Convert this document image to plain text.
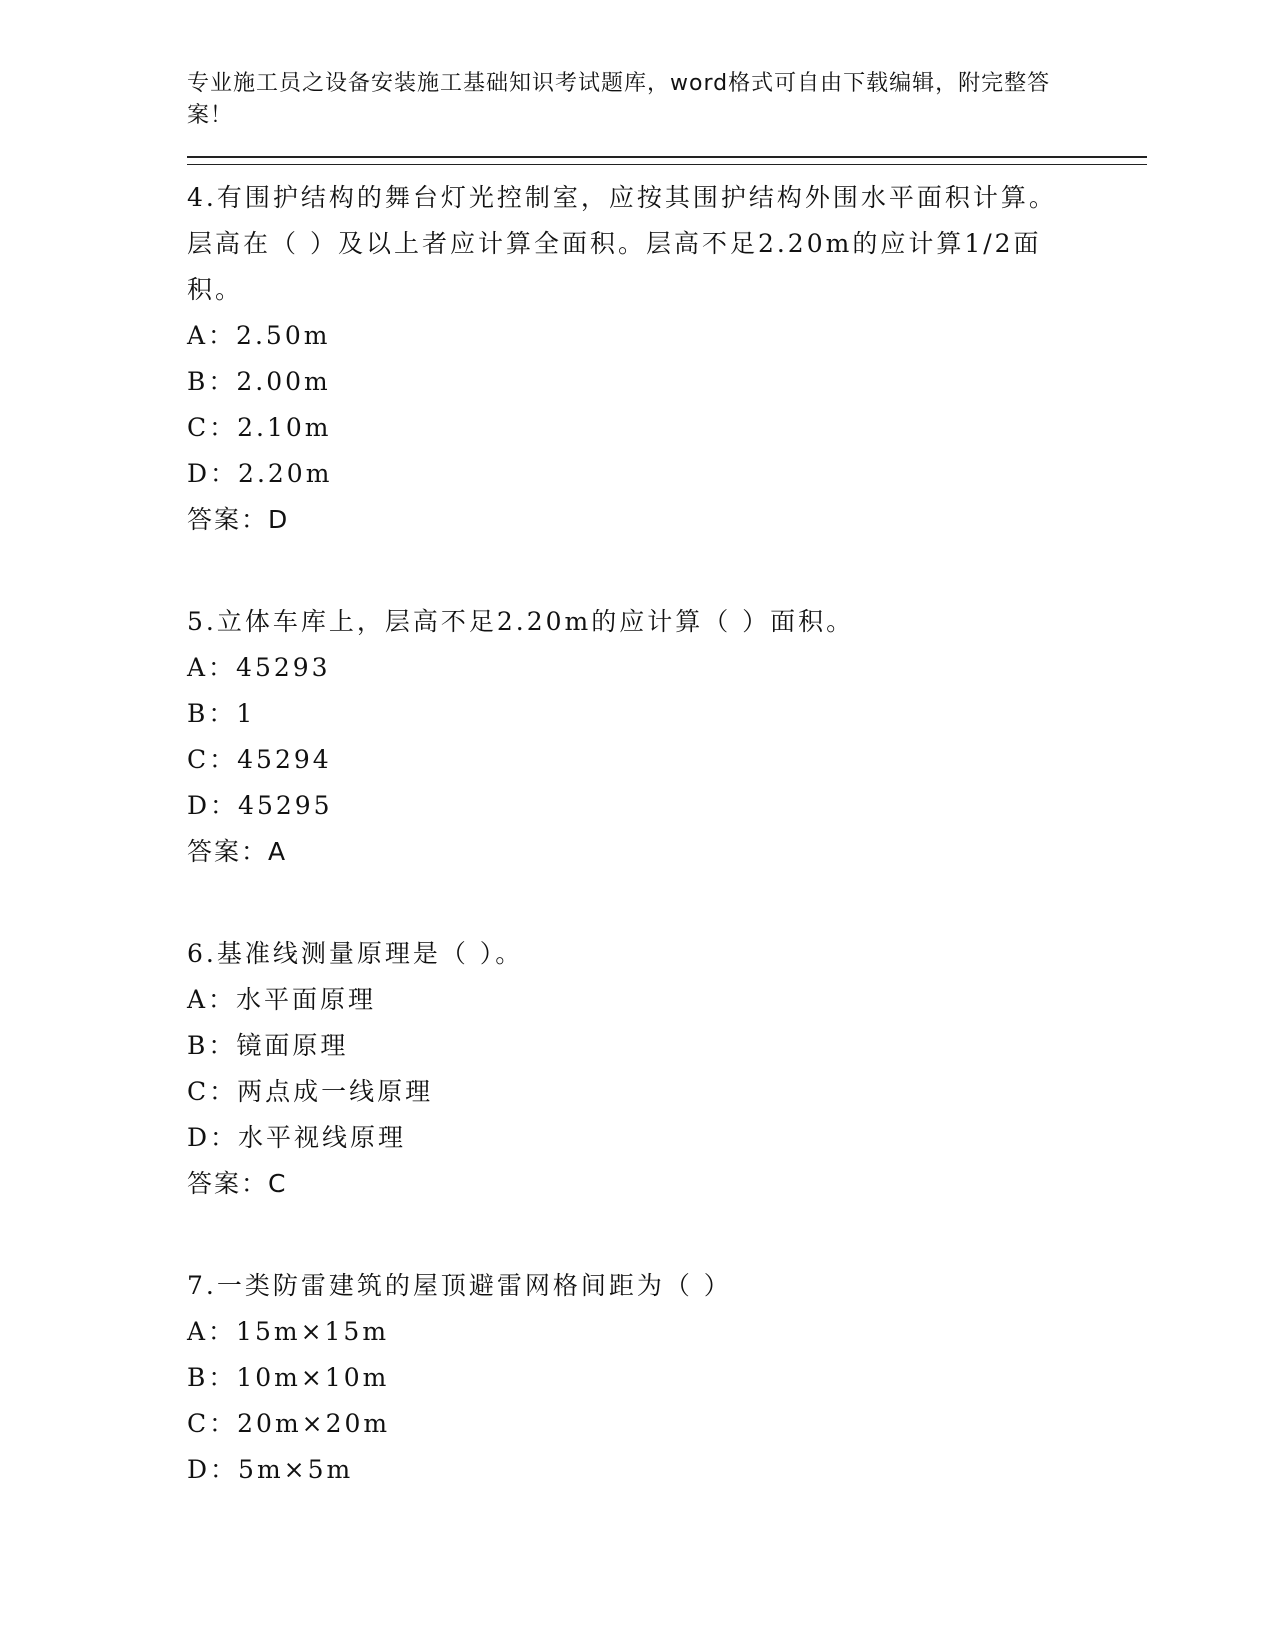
专业施工员之设备安装施工基础知识考试题库，word格式可自由下载编辑，附完整答案！

4.有围护结构的舞台灯光控制室，应按其围护结构外围水平面积计算。层高在（ ）及以上者应计算全面积。层高不足2.20m的应计算1/2面积。
A：2.50m
B：2.00m
C：2.10m
D：2.20m
答案：D
5.立体车库上，层高不足2.20m的应计算（ ）面积。
A：45293
B：1
C：45294
D：45295
答案：A
6.基准线测量原理是（ ）。
A：水平面原理
B：镜面原理
C：两点成一线原理
D：水平视线原理
答案：C
7.一类防雷建筑的屋顶避雷网格间距为（ ）
A：15m×15m
B：10m×10m
C：20m×20m
D：5m×5m
